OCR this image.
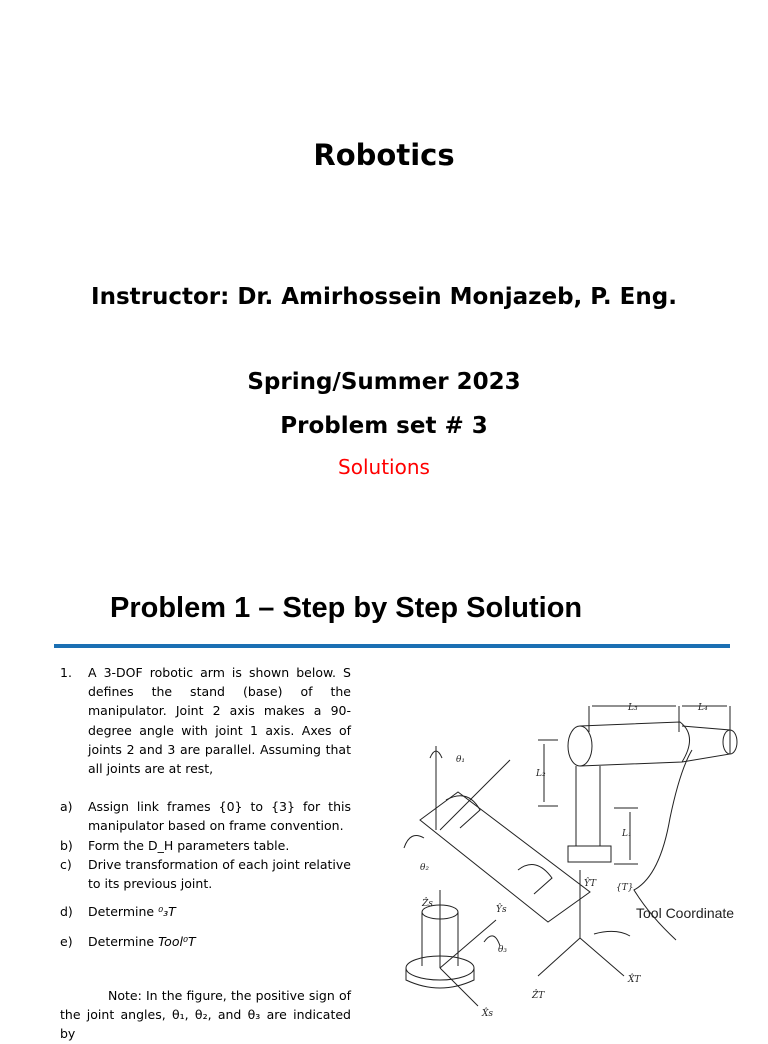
Robotics
Instructor: Dr. Amirhossein Monjazeb, P. Eng.
Spring/Summer 2023
Problem set # 3
Solutions
Problem 1 – Step by Step Solution
1. A 3-DOF robotic arm is shown below. S defines the stand (base) of the manipulator. Joint 2 axis makes a 90-degree angle with joint 1 axis. Axes of joints 2 and 3 are parallel. Assuming that all joints are at rest,
a) Assign link frames {0} to {3} for this manipulator based on frame convention.
b) Form the D_H parameters table.
c) Drive transformation of each joint relative to its previous joint.
d) Determine ⁰₃T
e) Determine Tool⁰T
Note: In the figure, the positive sign of the joint angles, θ₁, θ₂, and θ₃ are indicated by
L₃	L₄
L₂
L₁
θ₁
θ₂
θ₃
Ẑs
Ŷs
X̂s
ŶT
X̂T
ẐT
{T}
Tool Coordinate
